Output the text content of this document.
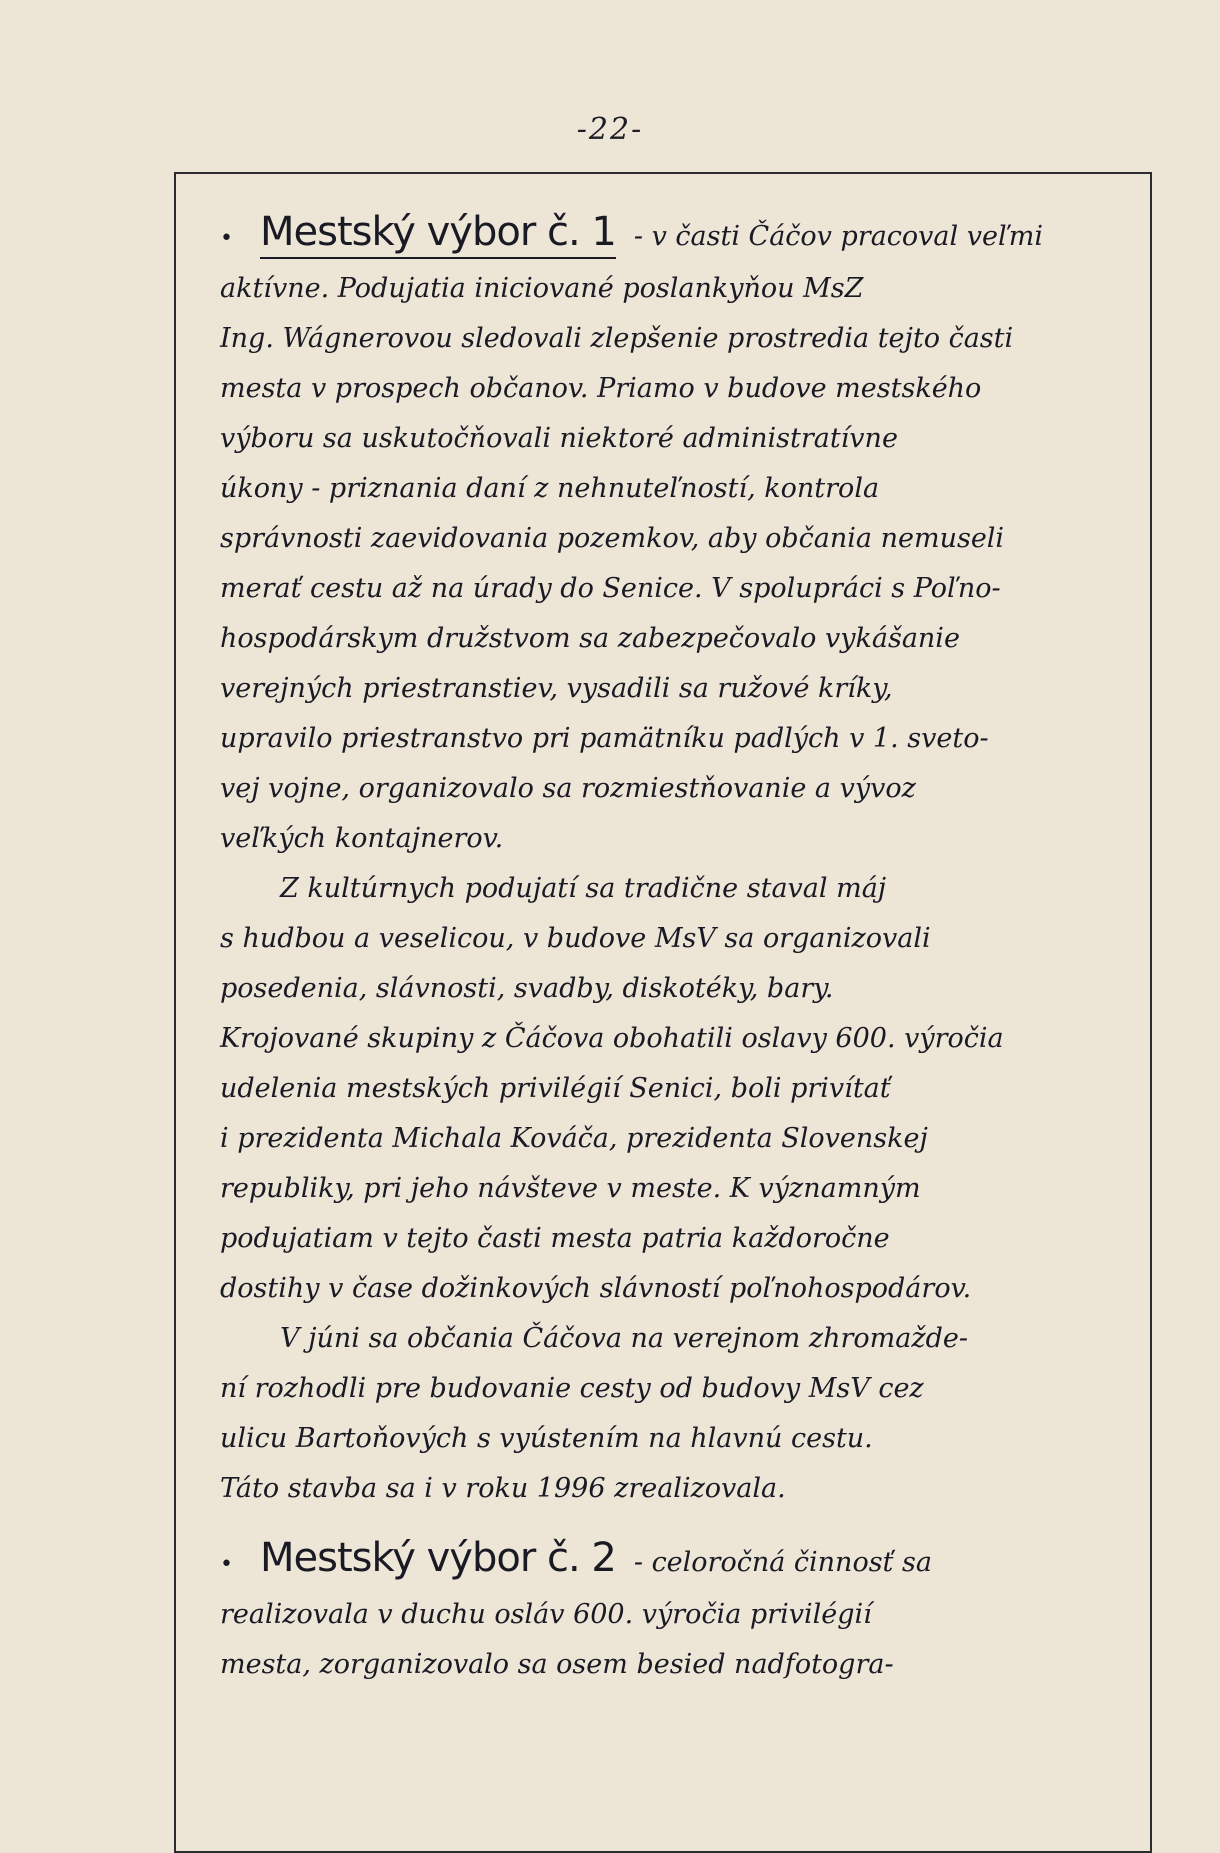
-22-
• Mestský výbor č. 1 - v časti Čáčov pracoval veľmi
aktívne. Podujatia iniciované poslankyňou MsZ
Ing. Wágnerovou sledovali zlepšenie prostredia tejto časti
mesta v prospech občanov. Priamo v budove mestského
výboru sa uskutočňovali niektoré administratívne
úkony - priznania daní z nehnuteľností, kontrola
správnosti zaevidovania pozemkov, aby občania nemuseli
merať cestu až na úrady do Senice. V spolupráci s Poľno-
hospodárskym družstvom sa zabezpečovalo vykášanie
verejných priestranstiev, vysadili sa ružové kríky,
upravilo priestranstvo pri pamätníku padlých v 1. sveto-
vej vojne, organizovalo sa rozmiestňovanie a vývoz
veľkých kontajnerov.
Z kultúrnych podujatí sa tradične staval máj
s hudbou a veselicou, v budove MsV sa organizovali
posedenia, slávnosti, svadby, diskotéky, bary.
Krojované skupiny z Čáčova obohatili oslavy 600. výročia
udelenia mestských privilégií Senici, boli privítať
i prezidenta Michala Kováča, prezidenta Slovenskej
republiky, pri jeho návšteve v meste. K významným
podujatiam v tejto časti mesta patria každoročne
dostihy v čase dožinkových slávností poľnohospodárov.
V júni sa občania Čáčova na verejnom zhromažde-
ní rozhodli pre budovanie cesty od budovy MsV cez
ulicu Bartoňových s vyústením na hlavnú cestu.
Táto stavba sa i v roku 1996 zrealizovala.
• Mestský výbor č. 2 - celoročná činnosť sa
realizovala v duchu osláv 600. výročia privilégií
mesta, zorganizovalo sa osem besied nadfotogra-
